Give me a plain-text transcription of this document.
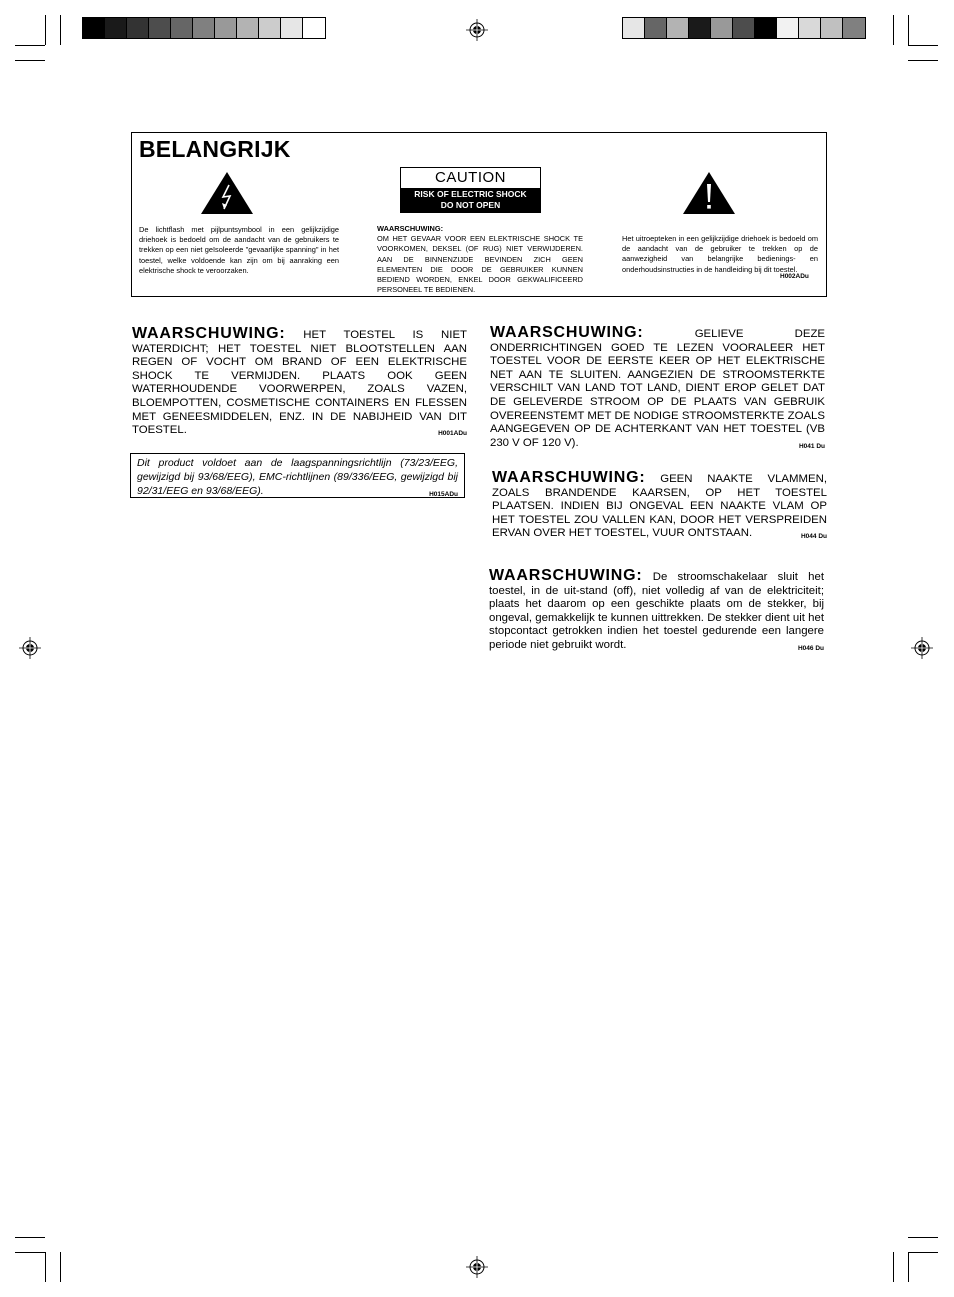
BELANGRIJK
CAUTION
RISK OF ELECTRIC SHOCK
DO NOT OPEN
De lichtflash met pijlpuntsymbool in een gelijkzijdige driehoek is bedoeld om de aandacht van de gebruikers te trekken op een niet geïsoleerde "gevaarlijke spanning" in het toestel, welke voldoende kan zijn om bij aanraking een elektrische shock te veroorzaken.
WAARSCHUWING:
OM HET GEVAAR VOOR EEN ELEKTRISCHE SHOCK TE VOORKOMEN, DEKSEL (OF RUG) NIET VERWIJDEREN. AAN DE BINNENZIJDE BEVINDEN ZICH GEEN ELEMENTEN DIE DOOR DE GEBRUIKER KUNNEN BEDIEND WORDEN, ENKEL DOOR GEKWALIFICEERD PERSONEEL TE BEDIENEN.
Het uitroepteken in een gelijkzijdige driehoek is bedoeld om de aandacht van de gebruiker te trekken op de aanwezigheid van belangrijke bedienings- en onderhoudsinstructies in de handleiding bij dit toestel.
H002ADu
WAARSCHUWING: HET TOESTEL IS NIET WATERDICHT; HET TOESTEL NIET BLOOTSTELLEN AAN REGEN OF VOCHT OM BRAND OF EEN ELEKTRISCHE SHOCK TE VERMIJDEN. PLAATS OOK GEEN WATERHOUDENDE VOORWERPEN, ZOALS VAZEN, BLOEMPOTTEN, COSMETISCHE CONTAINERS EN FLESSEN MET GENEESMIDDELEN, ENZ. IN DE NABIJHEID VAN DIT TOESTEL.	H001ADu
Dit product voldoet aan de laagspanningsrichtlijn (73/23/EEG, gewijzigd bij 93/68/EEG), EMC-richtlijnen (89/336/EEG, gewijzigd bij 92/31/EEG en 93/68/EEG).	H015ADu
WAARSCHUWING:	GELIEVE DEZE ONDERRICHTINGEN GOED TE LEZEN VOORALEER HET TOESTEL VOOR DE EERSTE KEER OP HET ELEKTRISCHE NET AAN TE SLUITEN. AANGEZIEN DE STROOMSTERKTE VERSCHILT VAN LAND TOT LAND, DIENT EROP GELET DAT DE GELEVERDE STROOM OP DE PLAATS VAN GEBRUIK OVEREENSTEMT MET DE NODIGE STROOMSTERKTE ZOALS AANGEGEVEN OP DE ACHTERKANT VAN HET TOESTEL (VB 230 V OF 120 V).	H041 Du
WAARSCHUWING: GEEN NAAKTE VLAMMEN, ZOALS BRANDENDE KAARSEN, OP HET TOESTEL PLAATSEN. INDIEN BIJ ONGEVAL EEN NAAKTE VLAM OP HET TOESTEL ZOU VALLEN KAN, DOOR HET VERSPREIDEN ERVAN OVER HET TOESTEL, VUUR ONTSTAAN.	H044 Du
WAARSCHUWING: De stroomschakelaar sluit het toestel, in de uit-stand (off), niet volledig af van de elektriciteit; plaats het daarom op een geschikte plaats om de stekker, bij ongeval, gemakkelijk te kunnen uittrekken. De stekker dient uit het stopcontact getrokken indien het toestel gedurende een langere periode niet gebruikt wordt.	H046 Du
